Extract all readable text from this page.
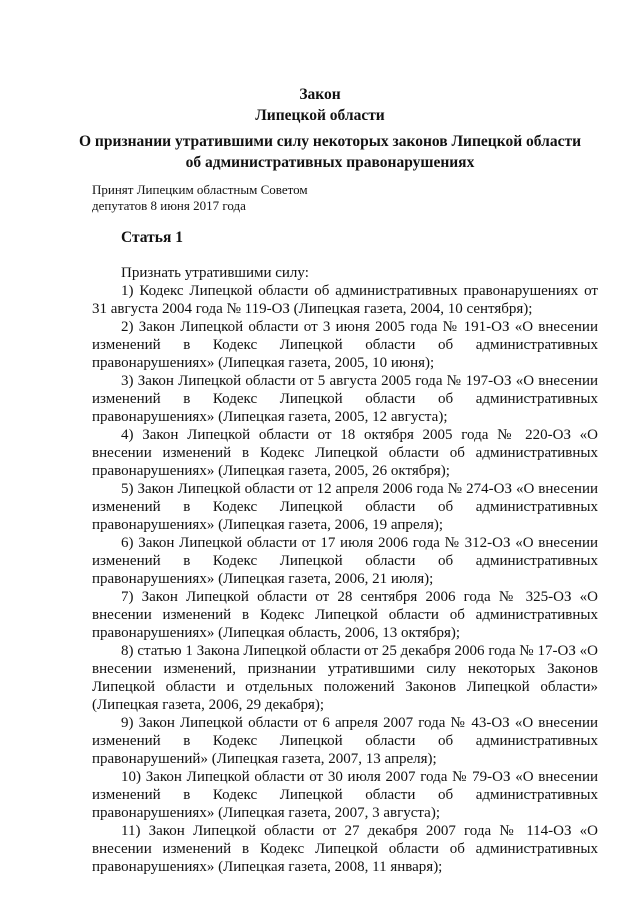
Закон
Липецкой области
О признании утратившими силу некоторых законов Липецкой области
об административных правонарушениях
Принят Липецким областным Советом
депутатов 8 июня 2017 года
Статья 1

Признать утратившими силу:

1) Кодекс Липецкой области об административных правонарушениях от 31 августа 2004 года № 119-ОЗ (Липецкая газета, 2004, 10 сентября);

2) Закон Липецкой области от 3 июня 2005 года № 191-ОЗ «О внесении изменений в Кодекс Липецкой области об административных правонарушениях» (Липецкая газета, 2005, 10 июня);

3) Закон Липецкой области от 5 августа 2005 года № 197-ОЗ «О внесении изменений в Кодекс Липецкой области об административных правонарушениях» (Липецкая газета, 2005, 12 августа);

4) Закон Липецкой области от 18 октября 2005 года № 220-ОЗ «О внесении изменений в Кодекс Липецкой области об административных правонарушениях» (Липецкая газета, 2005, 26 октября);

5) Закон Липецкой области от 12 апреля 2006 года № 274-ОЗ «О внесении изменений в Кодекс Липецкой области об административных правонарушениях» (Липецкая газета, 2006, 19 апреля);

6) Закон Липецкой области от 17 июля 2006 года № 312-ОЗ «О внесении изменений в Кодекс Липецкой области об административных правонарушениях» (Липецкая газета, 2006, 21 июля);

7) Закон Липецкой области от 28 сентября 2006 года № 325-ОЗ «О внесении изменений в Кодекс Липецкой области об административных правонарушениях» (Липецкая область, 2006, 13 октября);

8) статью 1 Закона Липецкой области от 25 декабря 2006 года № 17-ОЗ «О внесении изменений, признании утратившими силу некоторых Законов Липецкой области и отдельных положений Законов Липецкой области» (Липецкая газета, 2006, 29 декабря);

9) Закон Липецкой области от 6 апреля 2007 года № 43-ОЗ «О внесении изменений в Кодекс Липецкой области об административных правонарушений» (Липецкая газета, 2007, 13 апреля);

10) Закон Липецкой области от 30 июля 2007 года № 79-ОЗ «О внесении изменений в Кодекс Липецкой области об административных правонарушениях» (Липецкая газета, 2007, 3 августа);

11) Закон Липецкой области от 27 декабря 2007 года № 114-ОЗ «О внесении изменений в Кодекс Липецкой области об административных правонарушениях» (Липецкая газета, 2008, 11 января);
